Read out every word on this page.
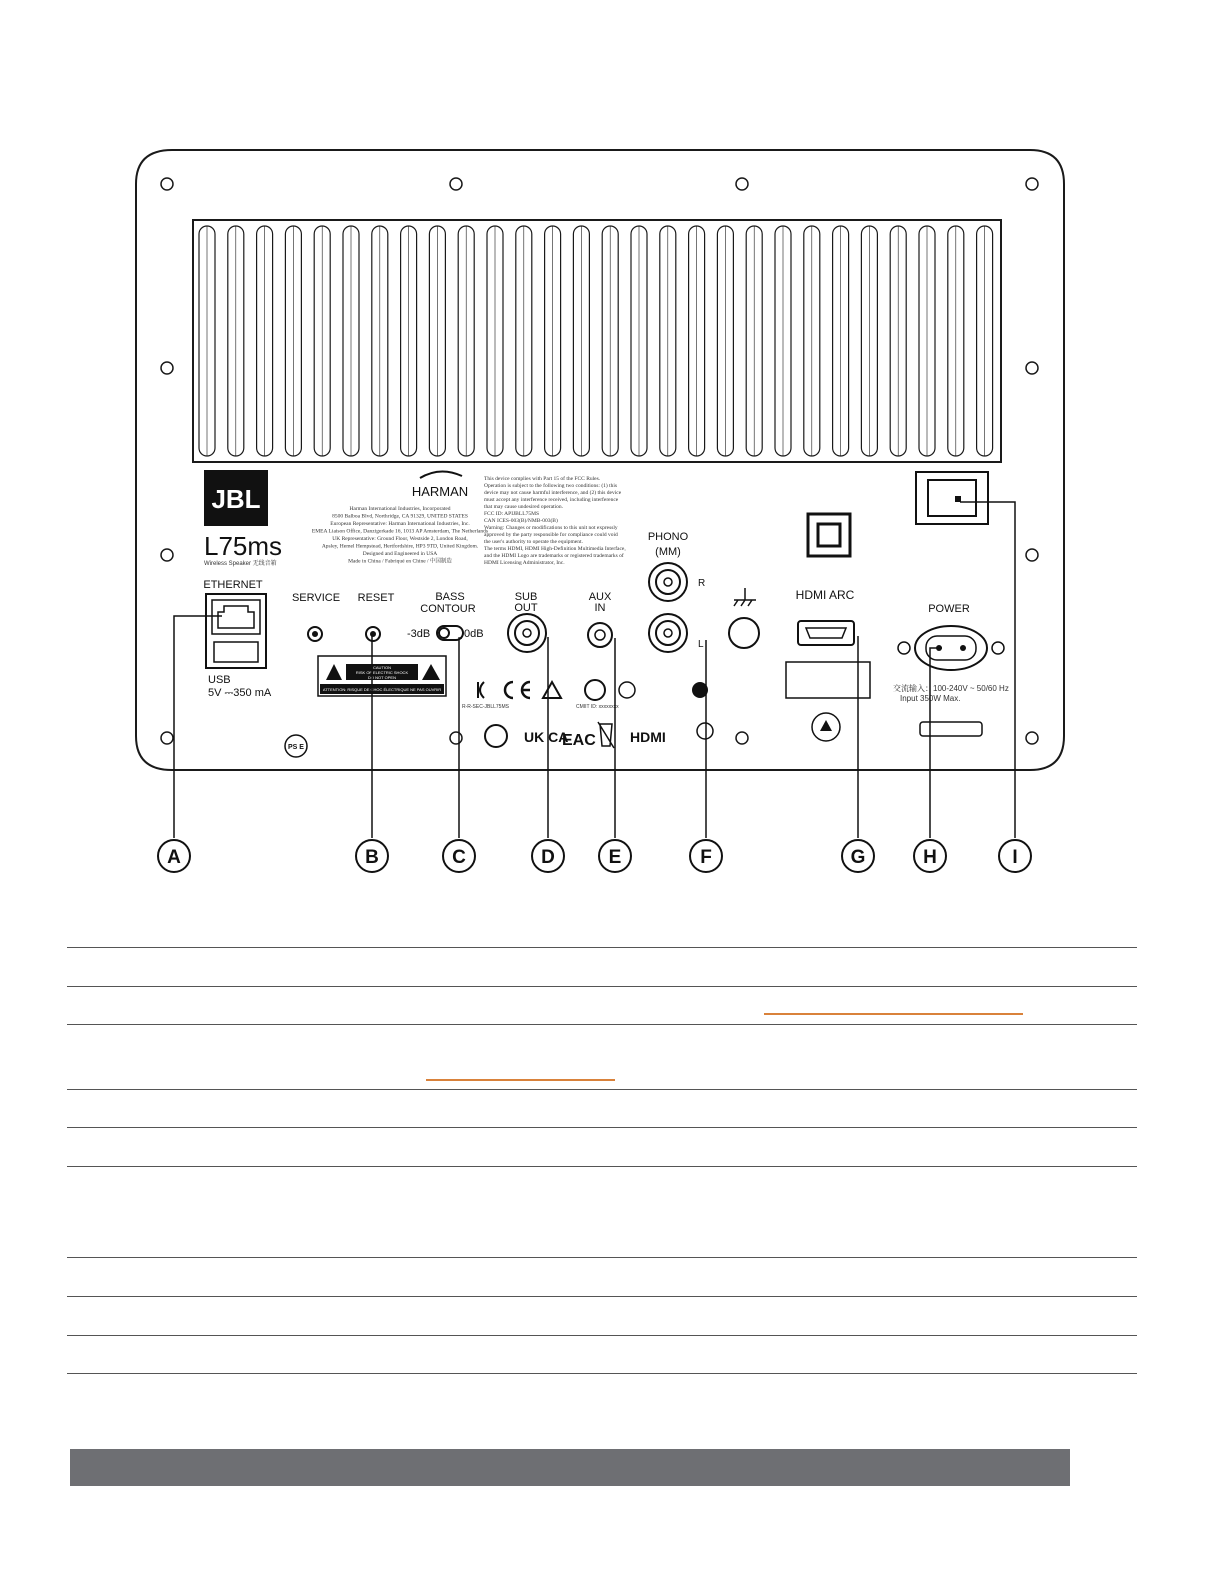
JBL
L75ms
Wireless Speaker 无线音箱
HARMAN
Harman International Industries, Incorporated
8500 Balboa Blvd, Northridge, CA 91329, UNITED STATES
European Representative: Harman International Industries, Inc.
EMEA Liaison Office, Danzigerkade 16, 1013 AP Amsterdam, The Netherlands
UK Representative: Ground Floor, Westside 2, London Road,
Apsley, Hemel Hempstead, Hertfordshire, HP3 9TD, United Kingdom.
Designed and Engineered in USA
Made in China / Fabriqué en Chine / 中国制造
This device complies with Part 15 of the FCC Rules.
Operation is subject to the following two conditions: (1) this
device may not cause harmful interference, and (2) this device
must accept any interference received, including interference
that may cause undesired operation.
FCC ID: APIJBLL75MS
CAN ICES-003(B)/NMB-003(B)
Warning: Changes or modifications to this unit not expressly
approved by the party responsible for compliance could void
the user's authority to operate the equipment.
The terms HDMI, HDMI High-Definition Multimedia Interface,
and the HDMI Logo are trademarks or registered trademarks of
HDMI Licensing Administrator, Inc.
ETHERNET
USB
5V ⎓350 mA
SERVICE RESET
CAUTION
RISK OF ELECTRIC SHOCK
DO NOT OPEN
ATTENTION: RISQUE DE CHOC ÉLECTRIQUE NE PAS OUVRIR
PS E
BASS
CONTOUR
-3dB	0dB
SUB
OUT
AUX
IN
PHONO
(MM)
R
L
HDMI ARC
POWER
交流输入：100-240V ~ 50/60 Hz
Input 350W Max.
R-R-SEC-JBLL75MS	CMIIT ID: xxxxxxxx
UK CA
EAC HDMI
A	B	C	D	E	F	G	H	I
